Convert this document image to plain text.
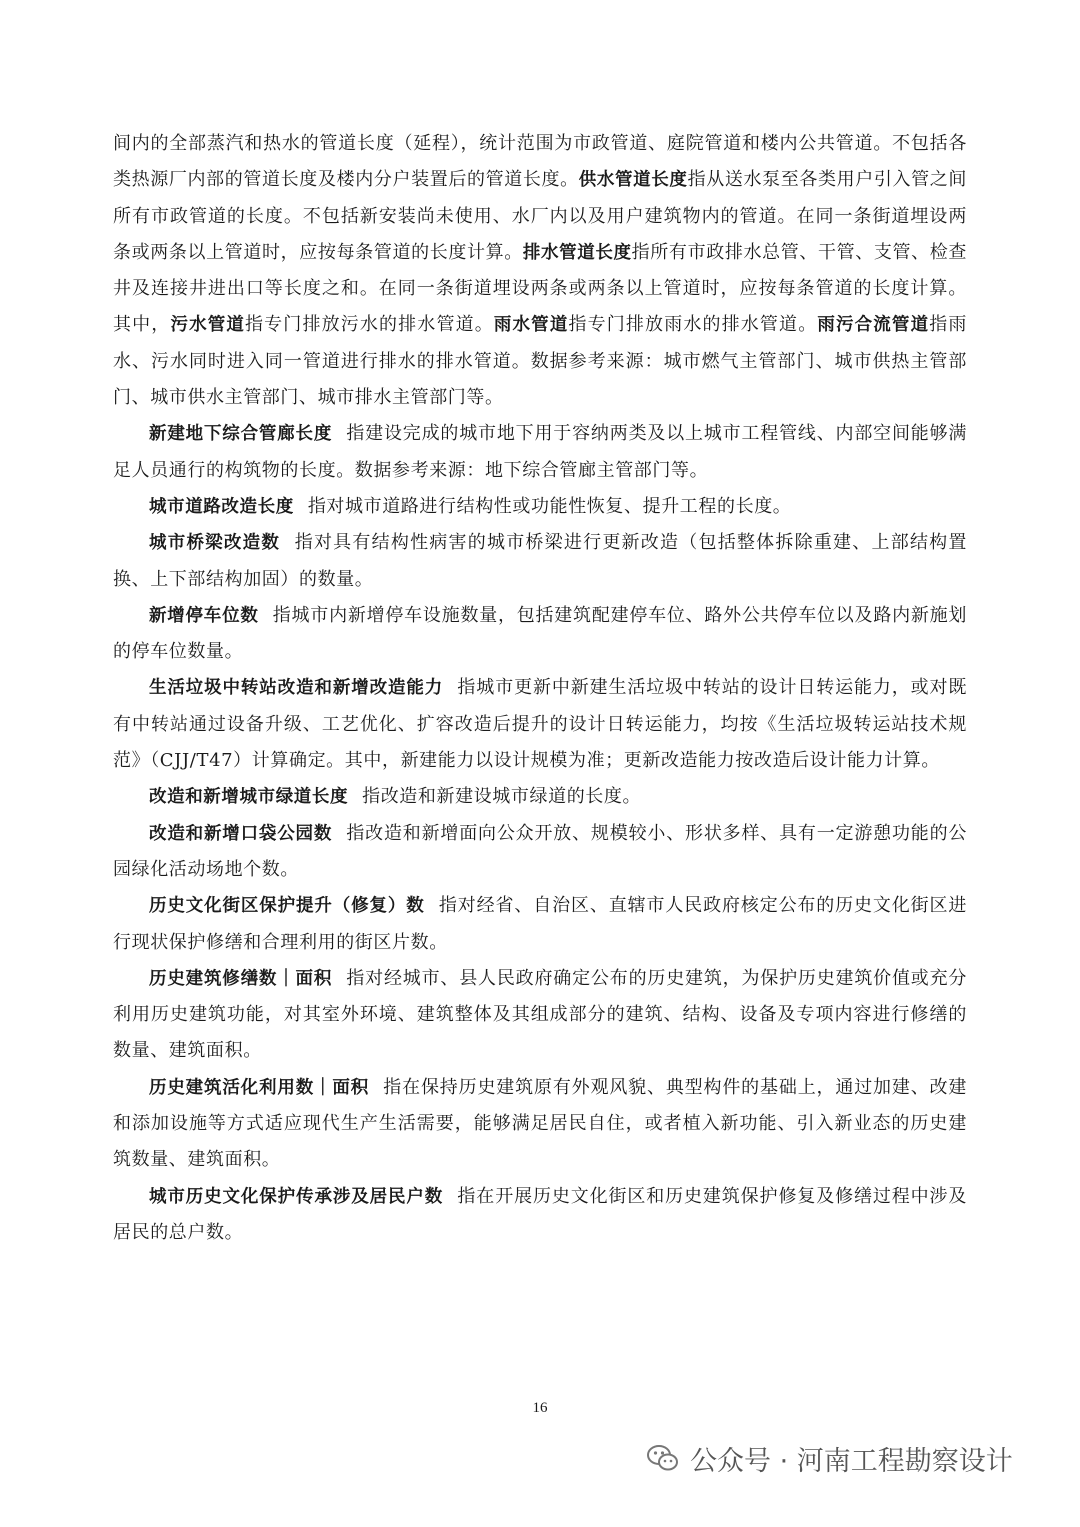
间内的全部蒸汽和热水的管道长度（延程），统计范围为市政管道、庭院管道和楼内公共管道。不包括各类热源厂内部的管道长度及楼内分户装置后的管道长度。供水管道长度指从送水泵至各类用户引入管之间所有市政管道的长度。不包括新安装尚未使用、水厂内以及用户建筑物内的管道。在同一条街道埋设两条或两条以上管道时，应按每条管道的长度计算。排水管道长度指所有市政排水总管、干管、支管、检查井及连接井进出口等长度之和。在同一条街道埋设两条或两条以上管道时，应按每条管道的长度计算。其中，污水管道指专门排放污水的排水管道。雨水管道指专门排放雨水的排水管道。雨污合流管道指雨水、污水同时进入同一管道进行排水的排水管道。数据参考来源：城市燃气主管部门、城市供热主管部门、城市供水主管部门、城市排水主管部门等。

新建地下综合管廊长度 指建设完成的城市地下用于容纳两类及以上城市工程管线、内部空间能够满足人员通行的构筑物的长度。数据参考来源：地下综合管廊主管部门等。

城市道路改造长度 指对城市道路进行结构性或功能性恢复、提升工程的长度。

城市桥梁改造数 指对具有结构性病害的城市桥梁进行更新改造（包括整体拆除重建、上部结构置换、上下部结构加固）的数量。

新增停车位数 指城市内新增停车设施数量，包括建筑配建停车位、路外公共停车位以及路内新施划的停车位数量。

生活垃圾中转站改造和新增改造能力 指城市更新中新建生活垃圾中转站的设计日转运能力，或对既有中转站通过设备升级、工艺优化、扩容改造后提升的设计日转运能力，均按《生活垃圾转运站技术规范》（CJJ/T47）计算确定。其中，新建能力以设计规模为准；更新改造能力按改造后设计能力计算。

改造和新增城市绿道长度 指改造和新建设城市绿道的长度。

改造和新增口袋公园数 指改造和新增面向公众开放、规模较小、形状多样、具有一定游憩功能的公园绿化活动场地个数。

历史文化街区保护提升（修复）数 指对经省、自治区、直辖市人民政府核定公布的历史文化街区进行现状保护修缮和合理利用的街区片数。

历史建筑修缮数｜面积 指对经城市、县人民政府确定公布的历史建筑，为保护历史建筑价值或充分利用历史建筑功能，对其室外环境、建筑整体及其组成部分的建筑、结构、设备及专项内容进行修缮的数量、建筑面积。

历史建筑活化利用数｜面积 指在保持历史建筑原有外观风貌、典型构件的基础上，通过加建、改建和添加设施等方式适应现代生产生活需要，能够满足居民自住，或者植入新功能、引入新业态的历史建筑数量、建筑面积。

城市历史文化保护传承涉及居民户数 指在开展历史文化街区和历史建筑保护修复及修缮过程中涉及居民的总户数。

16
公众号 · 河南工程勘察设计
